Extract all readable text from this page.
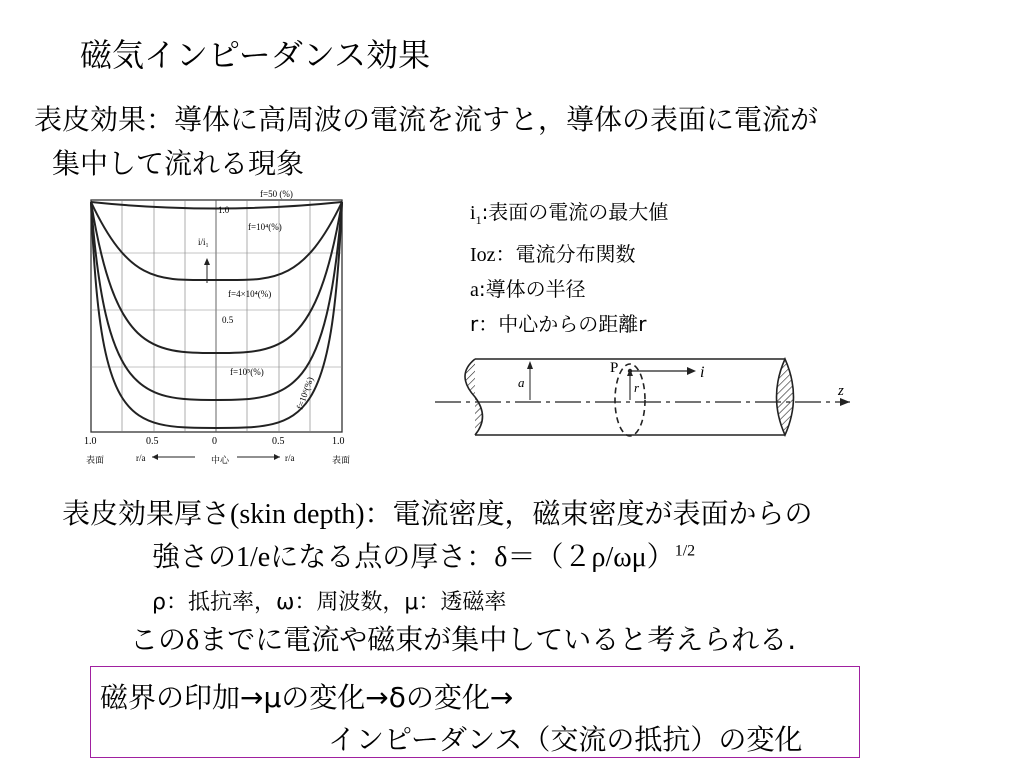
磁気インピーダンス効果
表皮効果：導体に高周波の電流を流すと，導体の表面に電流が
集中して流れる現象
f=50 (%)
f=10⁴(%)
f=4×10⁴(%)
f=10⁵(%)
f=10⁶(%)
1.0
0.5
i/i₁
1.0	0.5	0	0.5	1.0
表面	中心	表面
r/a	r/a
$i_1$:表面の電流の最大値
Ioz：電流分布関数
a:導体の半径
r：中心からの距離r
P	i
z
a	r
表皮効果厚さ(skin depth)：電流密度，磁束密度が表面からの
強さの1/eになる点の厚さ：$\delta=(2\rho/\omega\mu)^{1/2}$
ρ：抵抗率，ω：周波数，μ：透磁率
このδまでに電流や磁束が集中していると考えられる.
磁界の印加→μの変化→δの変化→
インピーダンス（交流の抵抗）の変化
